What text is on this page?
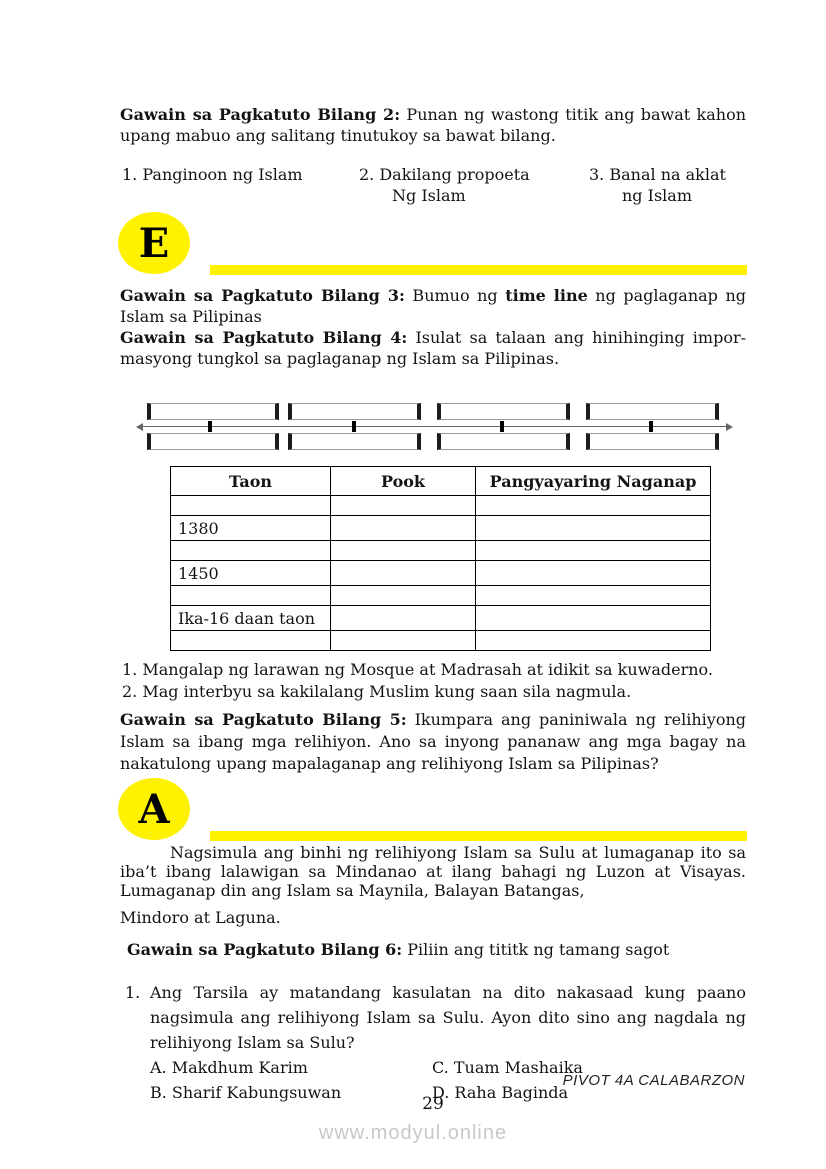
Gawain sa Pagkatuto Bilang 2: Punan ng wastong titik ang bawat kahon
upang mabuo ang salitang tinutukoy sa bawat bilang.
1. Panginoon ng Islam	2. Dakilang propoeta
Ng Islam
3. Banal na aklat
ng Islam
E
Gawain sa Pagkatuto Bilang 3: Bumuo ng time line ng paglaganap ng
Islam sa Pilipinas
Gawain sa Pagkatuto Bilang 4: Isulat sa talaan ang hinihinging impor-
masyong tungkol sa paglaganap ng Islam sa Pilipinas.
Taon	Pook	Pangyayaring Naganap

1380		

1450		

Ika-16 daan taon		

1. Mangalap ng larawan ng Mosque at Madrasah at idikit sa kuwaderno.
2. Mag interbyu sa kakilalang Muslim kung saan sila nagmula.
Gawain sa Pagkatuto Bilang 5: Ikumpara ang paniniwala ng relihiyong
Islam sa ibang mga relihiyon. Ano sa inyong pananaw ang mga bagay na
nakatulong upang mapalaganap ang relihiyong Islam sa Pilipinas?
A
Nagsimula ang binhi ng relihiyong Islam sa Sulu at lumaganap ito sa
iba’t ibang lalawigan sa Mindanao at ilang bahagi ng Luzon at Visayas.
Lumaganap din ang Islam sa Maynila, Balayan Batangas,
Mindoro at Laguna.
Gawain sa Pagkatuto Bilang 6: Piliin ang tititk ng tamang sagot
1. Ang Tarsila ay matandang kasulatan na dito nakasaad kung paano
nagsimula ang relihiyong Islam sa Sulu. Ayon dito sino ang nagdala ng
relihiyong Islam sa Sulu?
A. Makdhum Karim	C. Tuam Mashaika
B. Sharif Kabungsuwan	D. Raha Baginda
PIVOT 4A CALABARZON
29
www.modyul.online
